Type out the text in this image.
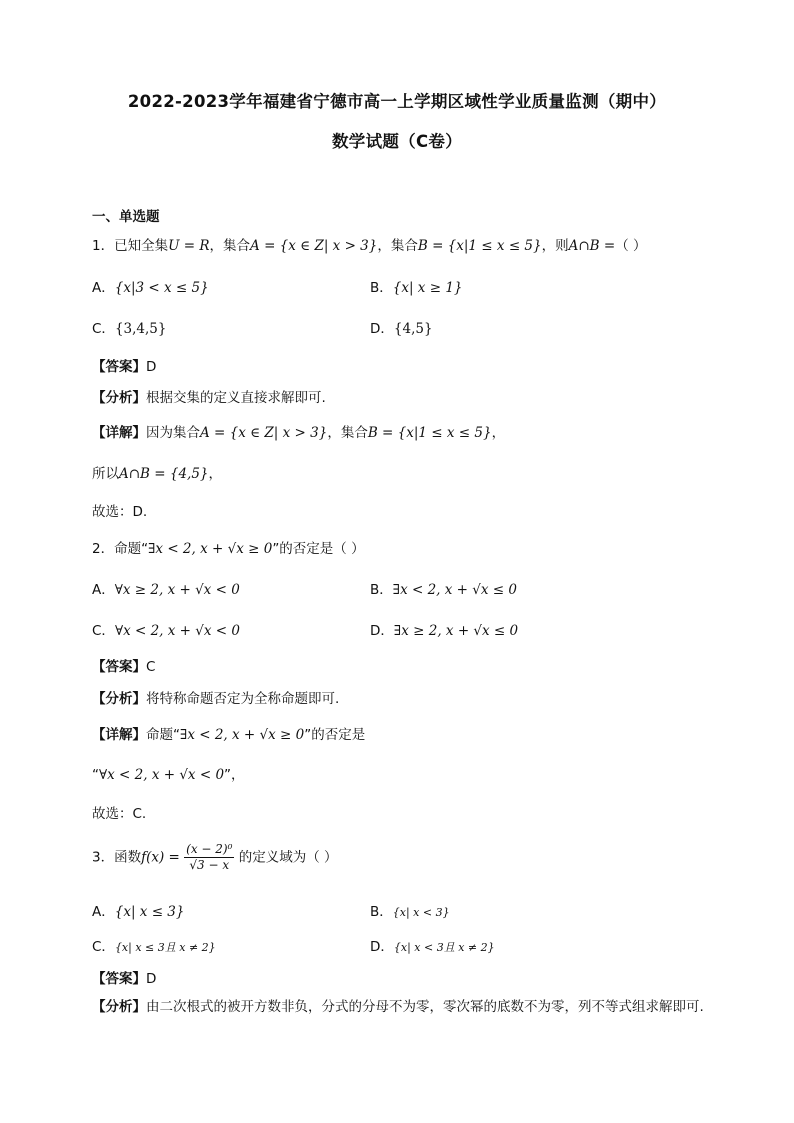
2022-2023学年福建省宁德市高一上学期区域性学业质量监测（期中）
数学试题（C卷）
一、单选题
1．已知全集U = R，集合A = {x ∈ Z| x > 3}，集合B = {x|1 ≤ x ≤ 5}，则A∩B =（ ）
A．{x|3 < x ≤ 5}	B．{x| x ≥ 1}
C．{3,4,5}	D．{4,5}
【答案】D
【分析】根据交集的定义直接求解即可.
【详解】因为集合A = {x ∈ Z| x > 3}，集合B = {x|1 ≤ x ≤ 5}，
所以A∩B = {4,5}，
故选：D.
2．命题“∃x < 2, x + √x ≥ 0”的否定是（ ）
A．∀x ≥ 2, x + √x < 0	B．∃x < 2, x + √x ≤ 0
C．∀x < 2, x + √x < 0	D．∃x ≥ 2, x + √x ≤ 0
【答案】C
【分析】将特称命题否定为全称命题即可.
【详解】命题“∃x < 2, x + √x ≥ 0”的否定是
“∀x < 2, x + √x < 0”，
故选：C.
3．函数$f(x) = \frac{\text{(x − 2)⁰}}{√3 - x}$ 的定义域为（ ）
A．{x| x ≤ 3}	B．{x| x < 3}
C．{x| x ≤ 3且 x ≠ 2}	D．{x| x < 3且 x ≠ 2}
【答案】D
【分析】由二次根式的被开方数非负，分式的分母不为零，零次幂的底数不为零，列不等式组求解即可.
